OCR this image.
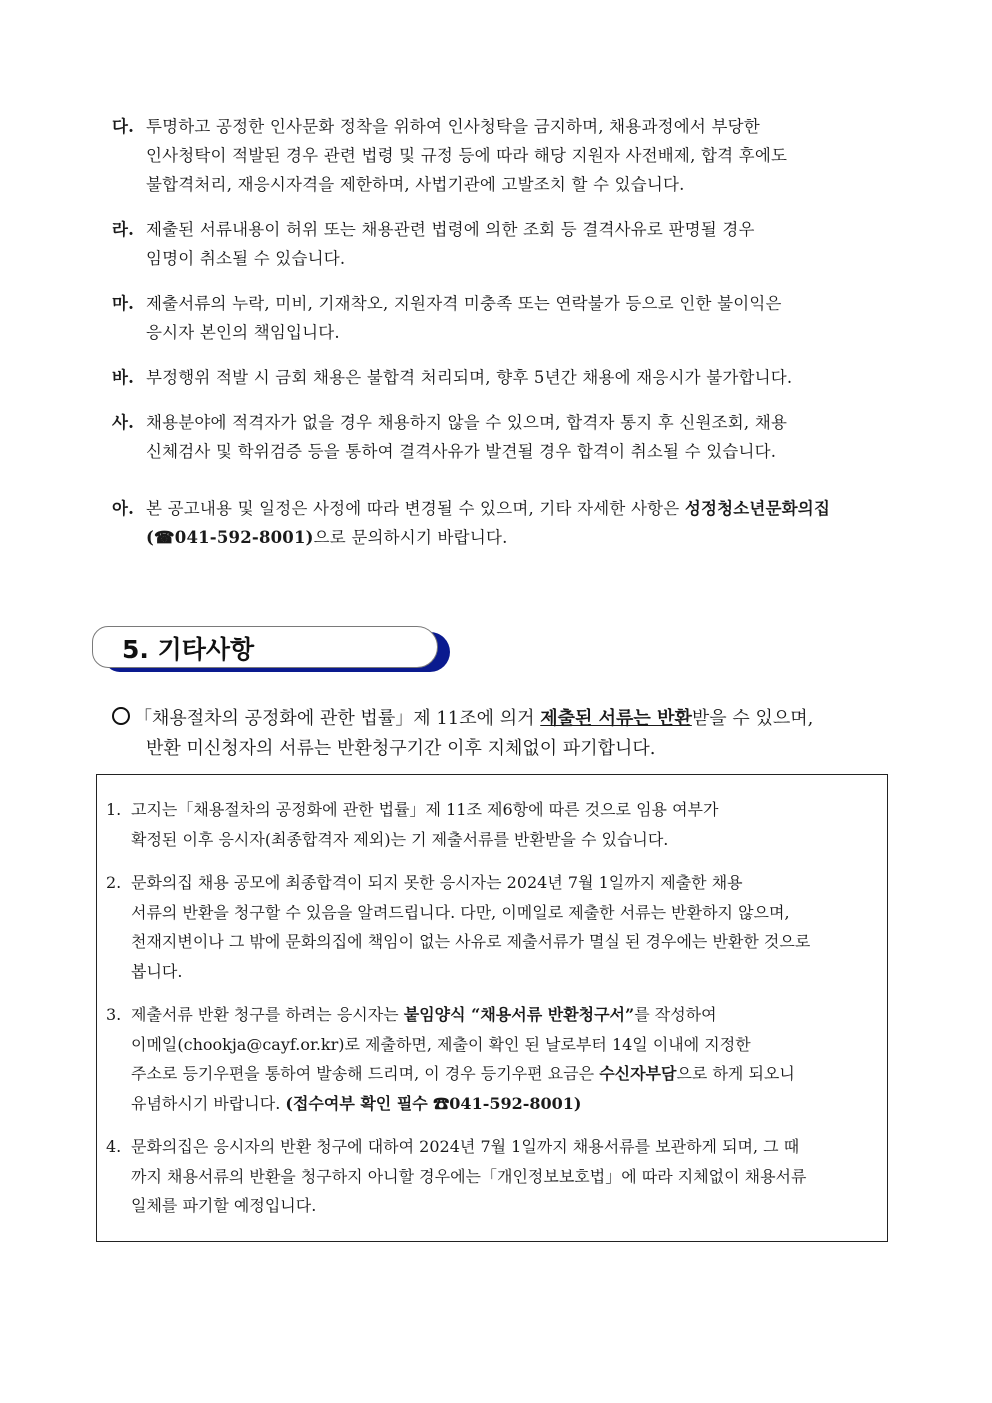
다. 투명하고 공정한 인사문화 정착을 위하여 인사청탁을 금지하며, 채용과정에서 부당한
인사청탁이 적발된 경우 관련 법령 및 규정 등에 따라 해당 지원자 사전배제, 합격 후에도
불합격처리, 재응시자격을 제한하며, 사법기관에 고발조치 할 수 있습니다.
라. 제출된 서류내용이 허위 또는 채용관련 법령에 의한 조회 등 결격사유로 판명될 경우
임명이 취소될 수 있습니다.
마. 제출서류의 누락, 미비, 기재착오, 지원자격 미충족 또는 연락불가 등으로 인한 불이익은
응시자 본인의 책임입니다.
바. 부정행위 적발 시 금회 채용은 불합격 처리되며, 향후 5년간 채용에 재응시가 불가합니다.
사. 채용분야에 적격자가 없을 경우 채용하지 않을 수 있으며, 합격자 통지 후 신원조회, 채용
신체검사 및 학위검증 등을 통하여 결격사유가 발견될 경우 합격이 취소될 수 있습니다.
아. 본 공고내용 및 일정은 사정에 따라 변경될 수 있으며, 기타 자세한 사항은 성정청소년문화의집
(☎041-592-8001)으로 문의하시기 바랍니다.
5. 기타사항
「채용절차의 공정화에 관한 법률」제 11조에 의거 제출된 서류는 반환받을 수 있으며,
반환 미신청자의 서류는 반환청구기간 이후 지체없이 파기합니다.
1. 고지는「채용절차의 공정화에 관한 법률」제 11조 제6항에 따른 것으로 임용 여부가
확정된 이후 응시자(최종합격자 제외)는 기 제출서류를 반환받을 수 있습니다.
2. 문화의집 채용 공모에 최종합격이 되지 못한 응시자는 2024년 7월 1일까지 제출한 채용
서류의 반환을 청구할 수 있음을 알려드립니다. 다만, 이메일로 제출한 서류는 반환하지 않으며,
천재지변이나 그 밖에 문화의집에 책임이 없는 사유로 제출서류가 멸실 된 경우에는 반환한 것으로
봅니다.
3. 제출서류 반환 청구를 하려는 응시자는 붙임양식 “채용서류 반환청구서”를 작성하여
이메일(chookja@cayf.or.kr)로 제출하면, 제출이 확인 된 날로부터 14일 이내에 지정한
주소로 등기우편을 통하여 발송해 드리며, 이 경우 등기우편 요금은 수신자부담으로 하게 되오니
유념하시기 바랍니다. (접수여부 확인 필수 ☎041-592-8001)
4. 문화의집은 응시자의 반환 청구에 대하여 2024년 7월 1일까지 채용서류를 보관하게 되며, 그 때
까지 채용서류의 반환을 청구하지 아니할 경우에는「개인정보보호법」에 따라 지체없이 채용서류
일체를 파기할 예정입니다.
